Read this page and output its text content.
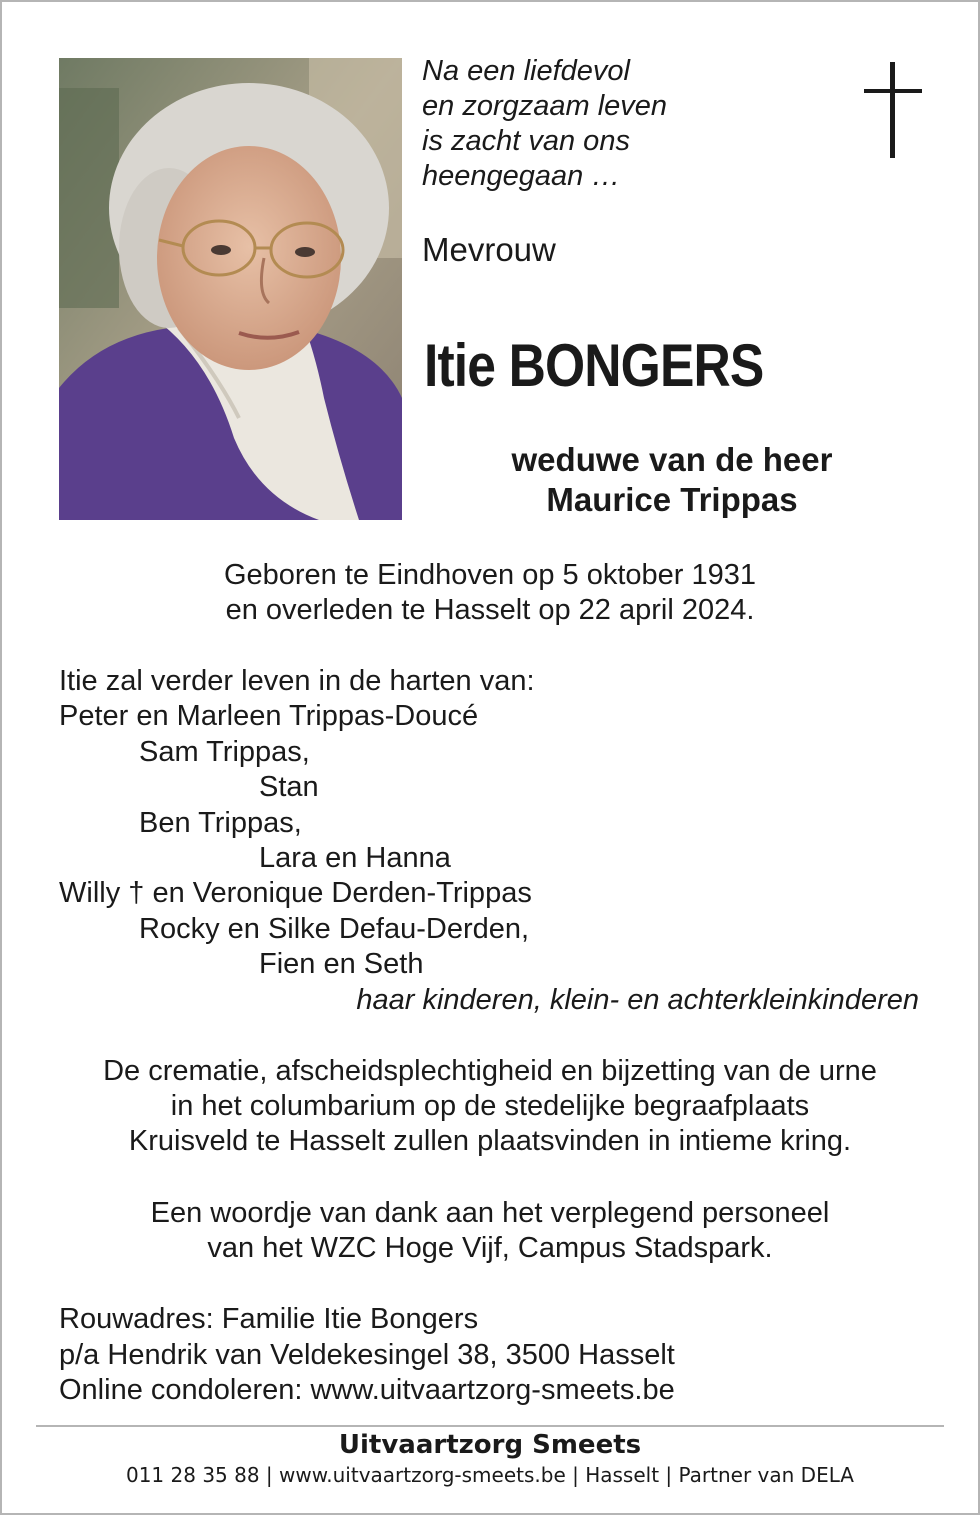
Na een liefdevol
en zorgzaam leven
is zacht van ons
heengegaan …
Mevrouw
Itie BONGERS
weduwe van de heer
Maurice Trippas
Geboren te Eindhoven op 5 oktober 1931
en overleden te Hasselt op 22 april 2024.
Itie zal verder leven in de harten van:
Peter en Marleen Trippas-Doucé
Sam Trippas,
Stan
Ben Trippas,
Lara en Hanna
Willy † en Veronique Derden-Trippas
Rocky en Silke Defau-Derden,
Fien en Seth
haar kinderen, klein- en achterkleinkinderen
De crematie, afscheidsplechtigheid en bijzetting van de urne
in het columbarium op de stedelijke begraafplaats
Kruisveld te Hasselt zullen plaatsvinden in intieme kring.
Een woordje van dank aan het verplegend personeel
van het WZC Hoge Vijf, Campus Stadspark.
Rouwadres: Familie Itie Bongers
p/a Hendrik van Veldekesingel 38, 3500 Hasselt
Online condoleren: www.uitvaartzorg-smeets.be
Uitvaartzorg Smeets
011 28 35 88 | www.uitvaartzorg-smeets.be | Hasselt | Partner van DELA
